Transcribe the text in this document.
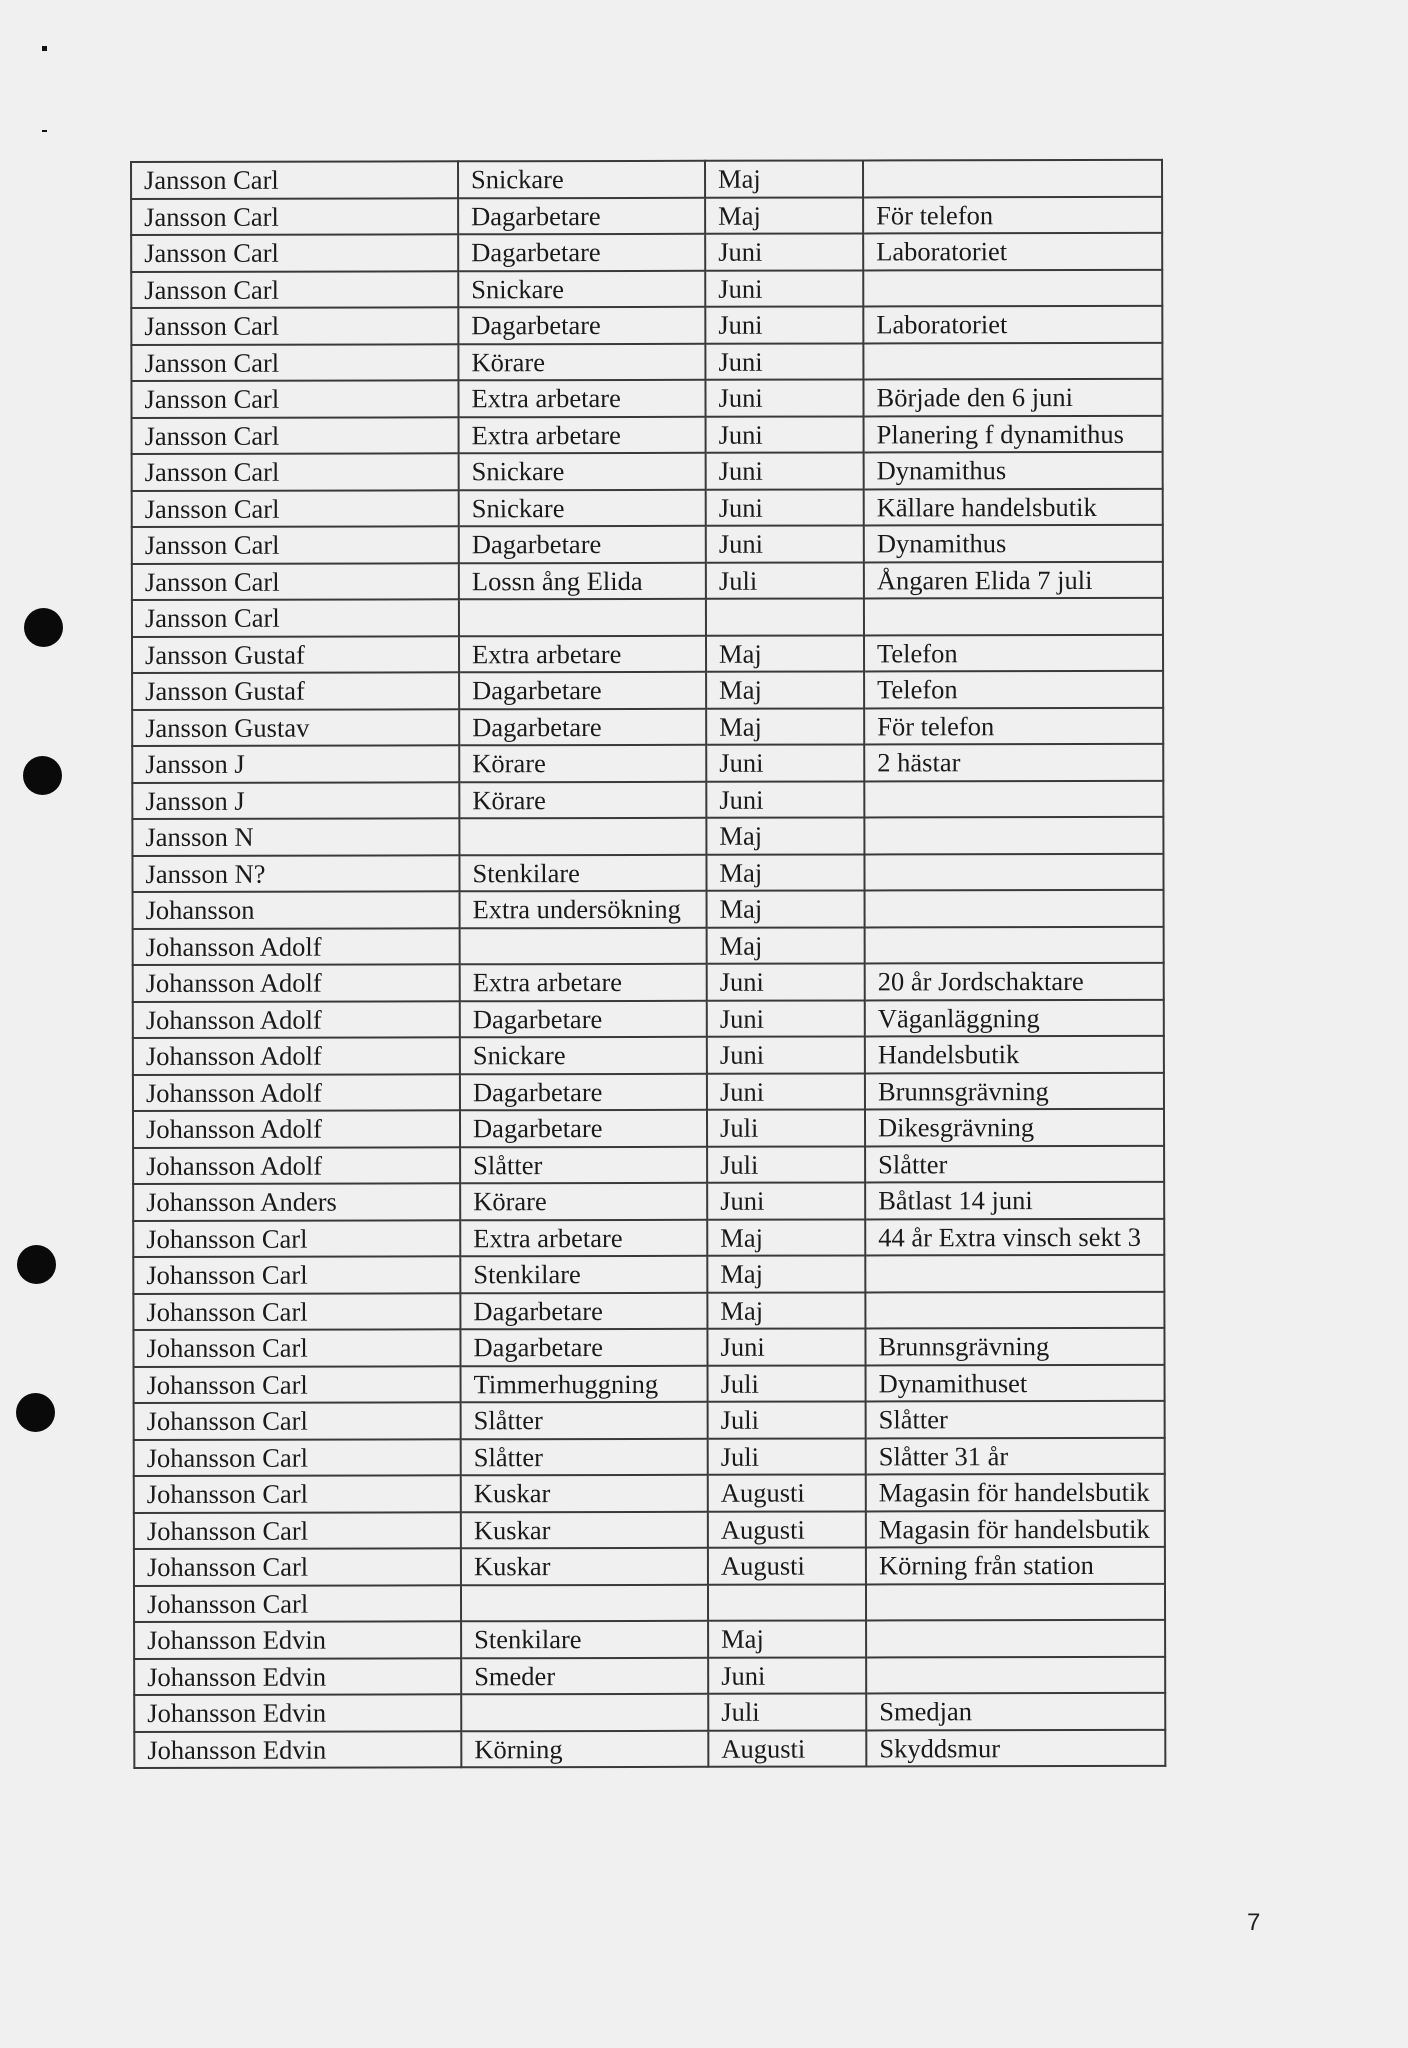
Jansson Carl	Snickare	Maj	
Jansson Carl	Dagarbetare	Maj	För telefon
Jansson Carl	Dagarbetare	Juni	Laboratoriet
Jansson Carl	Snickare	Juni	
Jansson Carl	Dagarbetare	Juni	Laboratoriet
Jansson Carl	Körare	Juni	
Jansson Carl	Extra arbetare	Juni	Började den 6 juni
Jansson Carl	Extra arbetare	Juni	Planering f dynamithus
Jansson Carl	Snickare	Juni	Dynamithus
Jansson Carl	Snickare	Juni	Källare handelsbutik
Jansson Carl	Dagarbetare	Juni	Dynamithus
Jansson Carl	Lossn ång Elida	Juli	Ångaren Elida 7 juli
Jansson Carl			
Jansson Gustaf	Extra arbetare	Maj	Telefon
Jansson Gustaf	Dagarbetare	Maj	Telefon
Jansson Gustav	Dagarbetare	Maj	För telefon
Jansson J	Körare	Juni	2 hästar
Jansson J	Körare	Juni	
Jansson N		Maj	
Jansson N?	Stenkilare	Maj	
Johansson	Extra undersökning	Maj	
Johansson Adolf		Maj	
Johansson Adolf	Extra arbetare	Juni	20 år Jordschaktare
Johansson Adolf	Dagarbetare	Juni	Väganläggning
Johansson Adolf	Snickare	Juni	Handelsbutik
Johansson Adolf	Dagarbetare	Juni	Brunnsgrävning
Johansson Adolf	Dagarbetare	Juli	Dikesgrävning
Johansson Adolf	Slåtter	Juli	Slåtter
Johansson Anders	Körare	Juni	Båtlast 14 juni
Johansson Carl	Extra arbetare	Maj	44 år Extra vinsch sekt 3
Johansson Carl	Stenkilare	Maj	
Johansson Carl	Dagarbetare	Maj	
Johansson Carl	Dagarbetare	Juni	Brunnsgrävning
Johansson Carl	Timmerhuggning	Juli	Dynamithuset
Johansson Carl	Slåtter	Juli	Slåtter
Johansson Carl	Slåtter	Juli	Slåtter 31 år
Johansson Carl	Kuskar	Augusti	Magasin för handelsbutik
Johansson Carl	Kuskar	Augusti	Magasin för handelsbutik
Johansson Carl	Kuskar	Augusti	Körning från station
Johansson Carl			
Johansson Edvin	Stenkilare	Maj	
Johansson Edvin	Smeder	Juni	
Johansson Edvin		Juli	Smedjan
Johansson Edvin	Körning	Augusti	Skyddsmur
7
